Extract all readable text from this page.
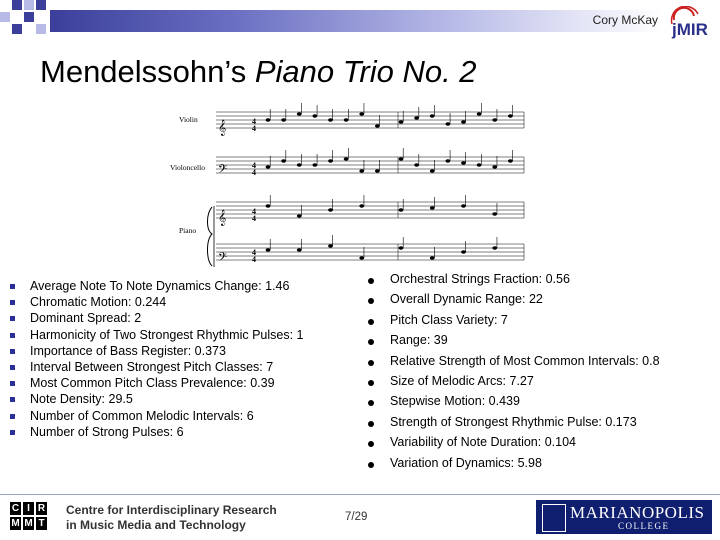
Cory McKay jMIR
Mendelssohn’s Piano Trio No. 2
Violin
Violoncello
Piano
𝄞
𝄢
𝄞
𝄢
4
4
4
4
4
4
4
4
Average Note To Note Dynamics Change: 1.46
Chromatic Motion: 0.244
Dominant Spread: 2
Harmonicity of Two Strongest Rhythmic Pulses: 1
Importance of Bass Register: 0.373
Interval Between Strongest Pitch Classes: 7
Most Common Pitch Class Prevalence: 0.39
Note Density: 29.5
Number of Common Melodic Intervals: 6
Number of Strong Pulses: 6
Orchestral Strings Fraction: 0.56
Overall Dynamic Range: 22
Pitch Class Variety: 7
Range: 39
Relative Strength of Most Common Intervals: 0.8
Size of Melodic Arcs: 7.27
Stepwise Motion: 0.439
Strength of Strongest Rhythmic Pulse: 0.173
Variability of Note Duration: 0.104
Variation of Dynamics: 5.98
C I R
M M T
Centre for Interdisciplinary Research
in Music Media and Technology
7/29	MARIANOPOLIS
COLLEGE
